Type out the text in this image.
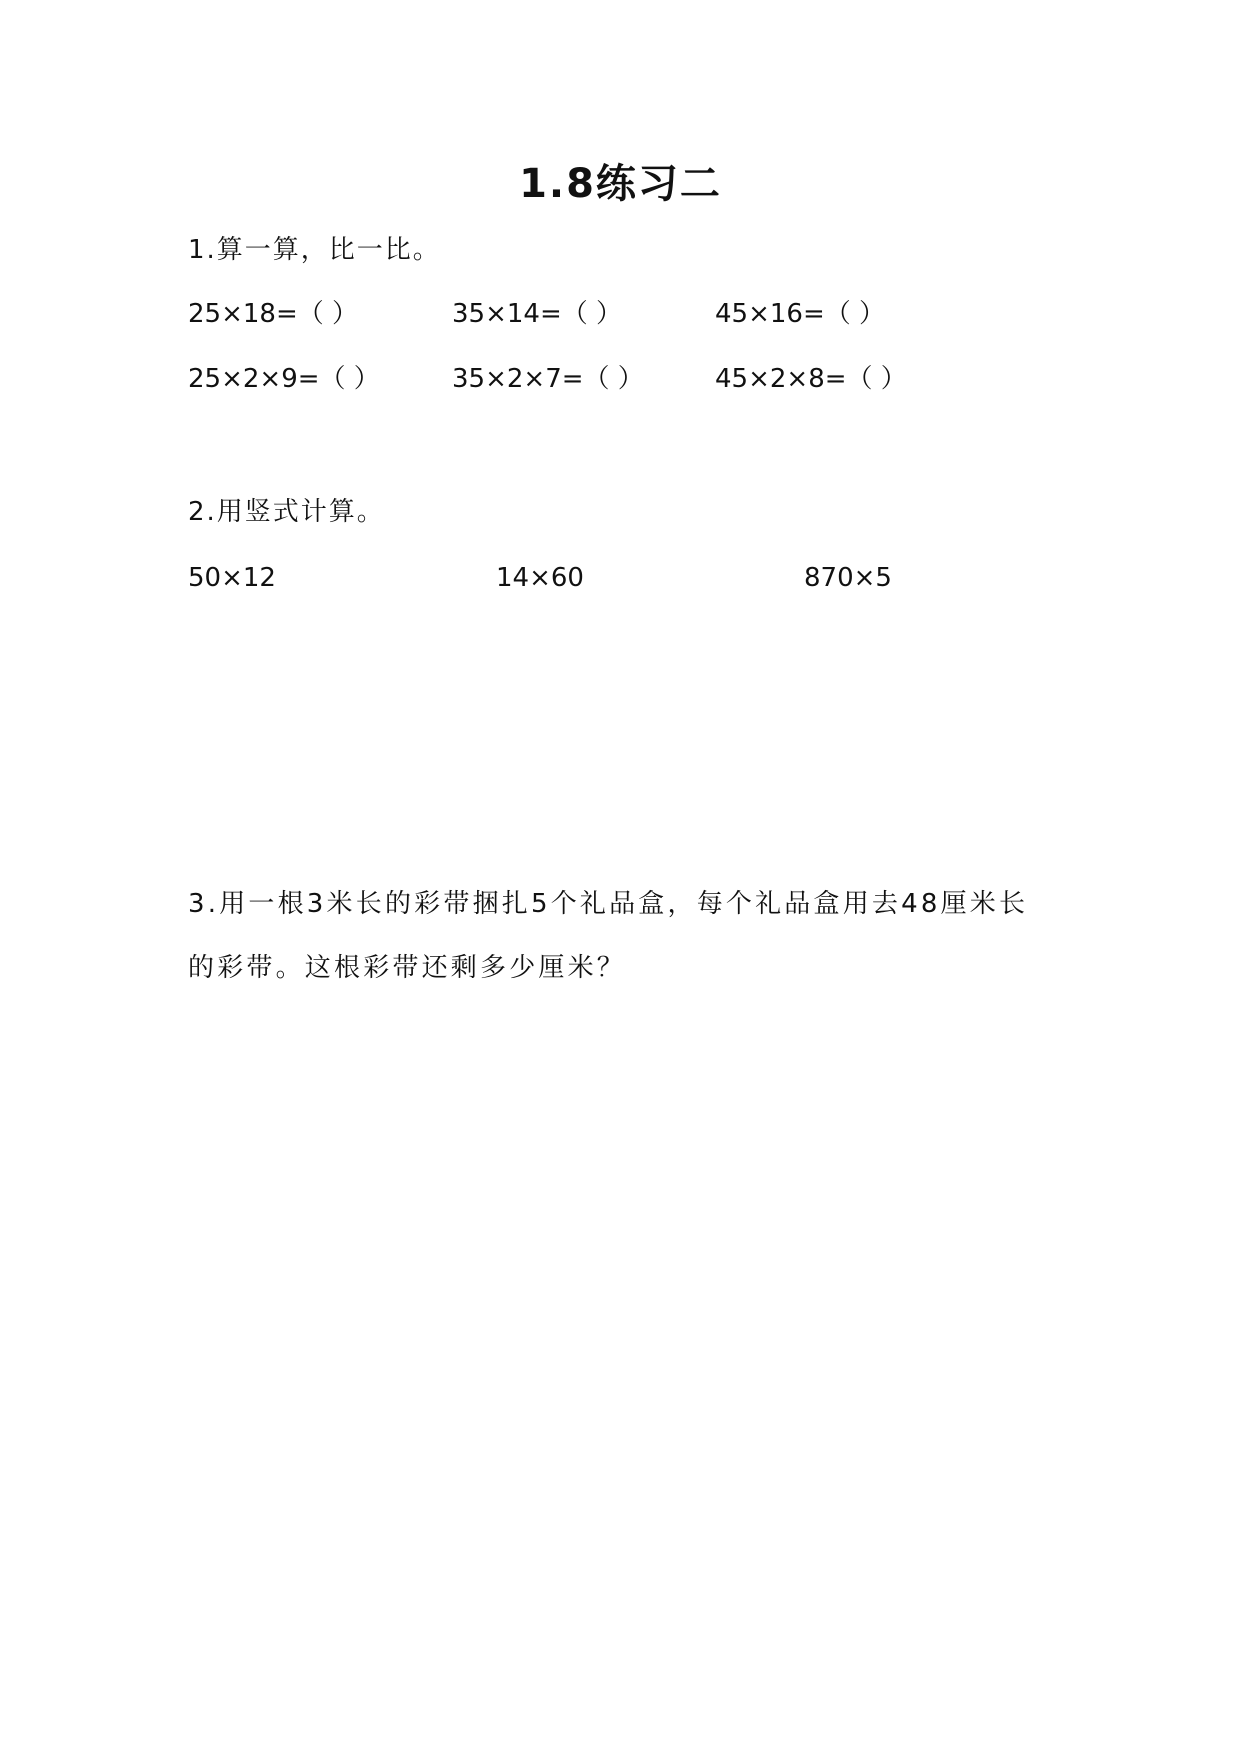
1.8练习二
1.算一算，比一比。
25×18=（ ）	35×14=（ ）	45×16=（ ）
25×2×9=（ ）	35×2×7=（ ）	45×2×8=（ ）
2.用竖式计算。
50×12	14×60	870×5
3.用一根3米长的彩带捆扎5个礼品盒，每个礼品盒用去48厘米长
的彩带。这根彩带还剩多少厘米？
